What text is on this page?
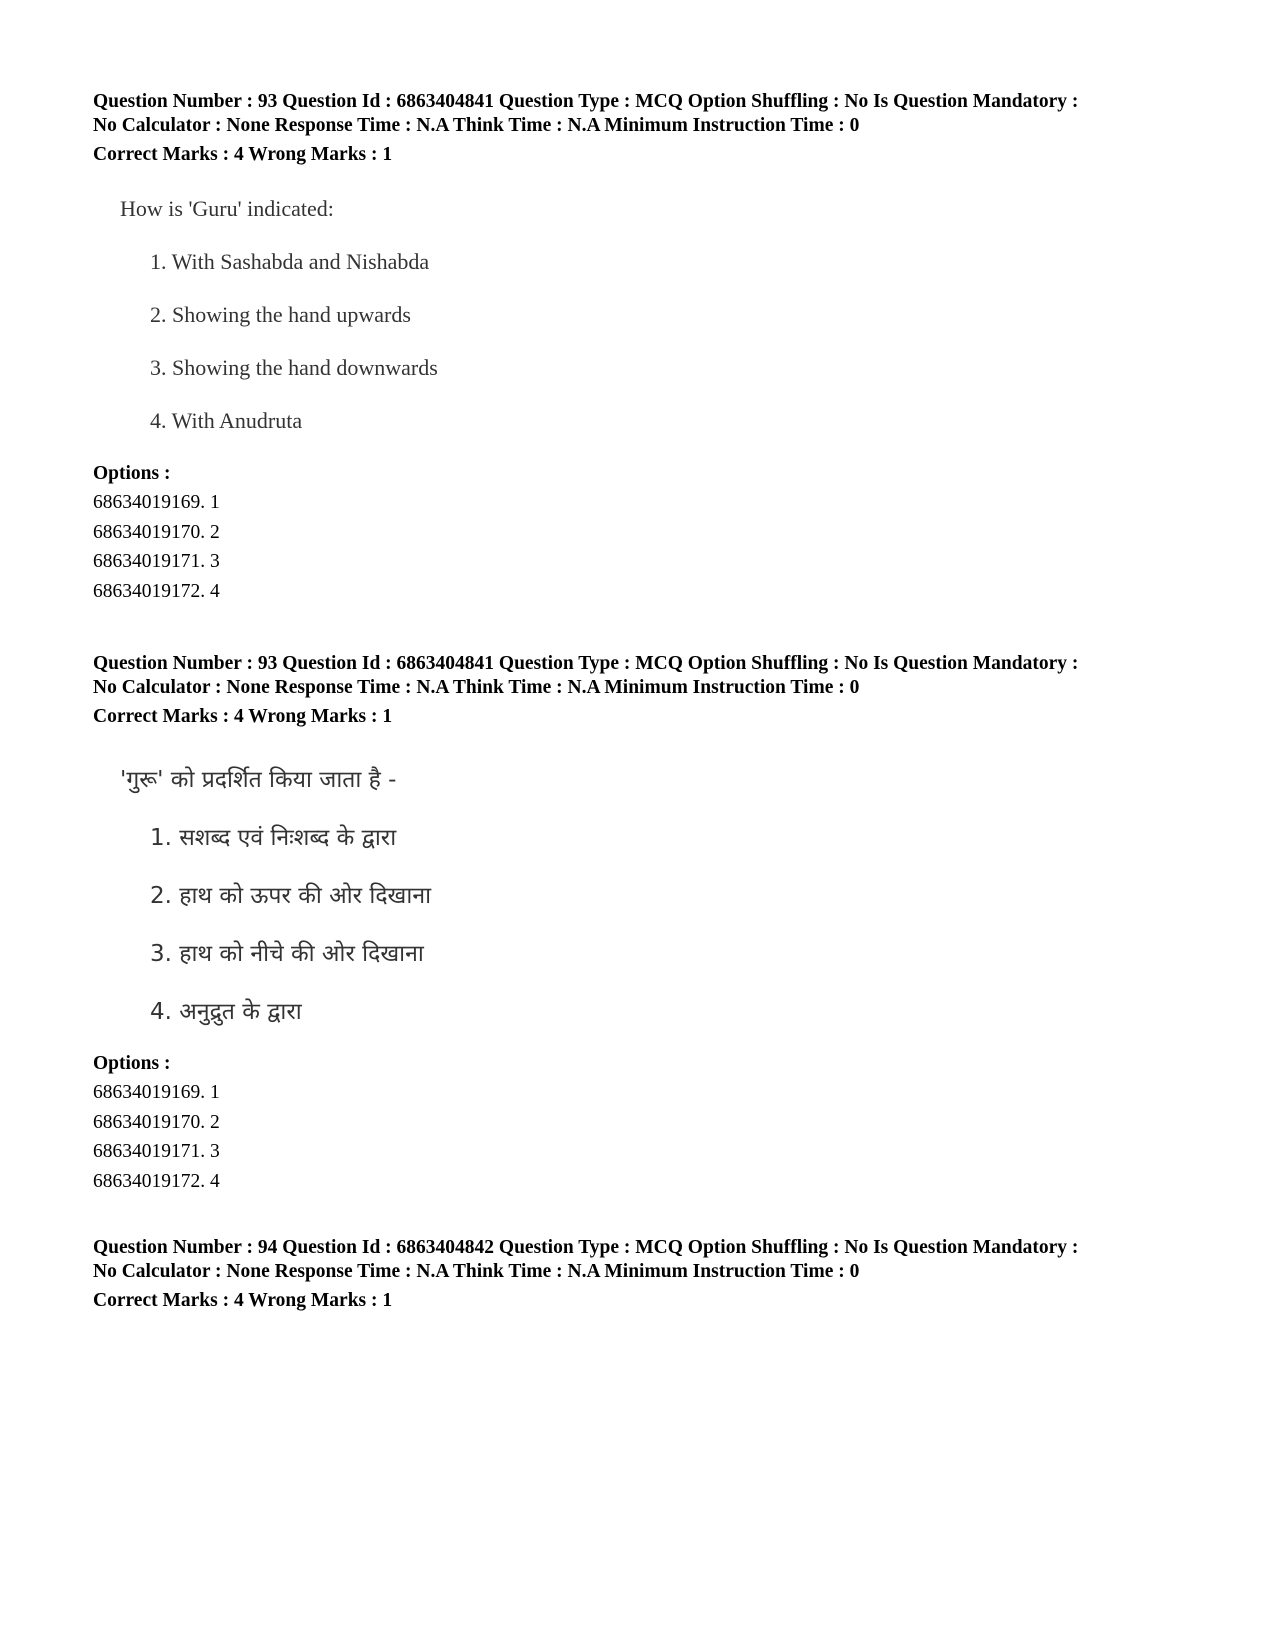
Question Number : 93 Question Id : 6863404841 Question Type : MCQ Option Shuffling : No Is Question Mandatory :

No Calculator : None Response Time : N.A Think Time : N.A Minimum Instruction Time : 0

Correct Marks : 4 Wrong Marks : 1

How is 'Guru' indicated:
1. With Sashabda and Nishabda
2. Showing the hand upwards
3. Showing the hand downwards
4. With Anudruta

Options :

68634019169. 1

68634019170. 2

68634019171. 3

68634019172. 4

Question Number : 93 Question Id : 6863404841 Question Type : MCQ Option Shuffling : No Is Question Mandatory :

No Calculator : None Response Time : N.A Think Time : N.A Minimum Instruction Time : 0

Correct Marks : 4 Wrong Marks : 1

'गुरू' को प्रदर्शित किया जाता है -
1. सशब्द एवं निःशब्द के द्वारा
2. हाथ को ऊपर की ओर दिखाना
3. हाथ को नीचे की ओर दिखाना
4. अनुद्रुत के द्वारा

Options :

68634019169. 1

68634019170. 2

68634019171. 3

68634019172. 4

Question Number : 94 Question Id : 6863404842 Question Type : MCQ Option Shuffling : No Is Question Mandatory :

No Calculator : None Response Time : N.A Think Time : N.A Minimum Instruction Time : 0

Correct Marks : 4 Wrong Marks : 1
